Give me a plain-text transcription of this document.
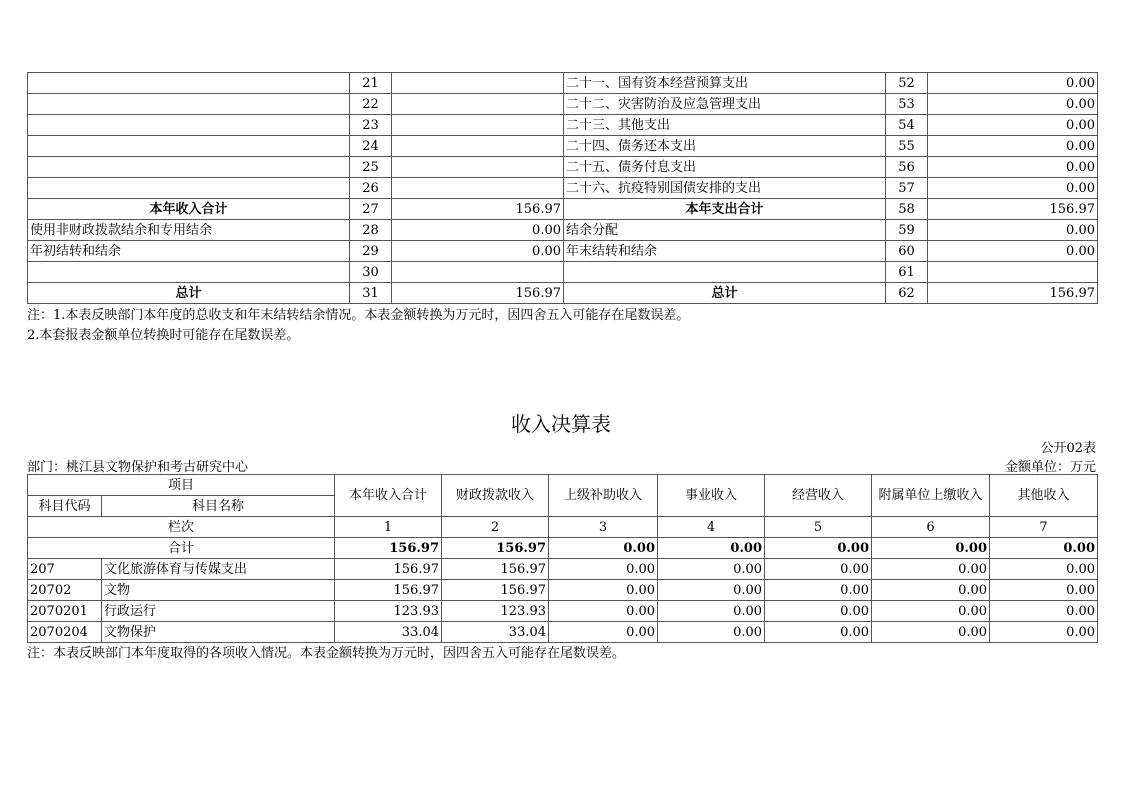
	21		二十一、国有资本经营预算支出	52	0.00
	22		二十二、灾害防治及应急管理支出	53	0.00
	23		二十三、其他支出	54	0.00
	24		二十四、债务还本支出	55	0.00
	25		二十五、债务付息支出	56	0.00
	26		二十六、抗疫特别国债安排的支出	57	0.00
本年收入合计	27	156.97	本年支出合计	58	156.97
使用非财政拨款结余和专用结余	28	0.00	结余分配	59	0.00
年初结转和结余	29	0.00	年末结转和结余	60	0.00
	30			61	
总计	31	156.97	总计	62	156.97
注：1.本表反映部门本年度的总收支和年末结转结余情况。本表金额转换为万元时，因四舍五入可能存在尾数误差。
2.本套报表金额单位转换时可能存在尾数误差。
收入决算表
公开02表
部门：桃江县文物保护和考古研究中心	金额单位：万元
项目		本年收入合计	财政拨款收入	上级补助收入	事业收入	经营收入	附属单位上缴收入	其他收入
科目代码	科目名称							
栏次		1	2	3	4	5	6	7
合计		156.97	156.97	0.00	0.00	0.00	0.00	0.00
207	文化旅游体育与传媒支出	156.97	156.97	0.00	0.00	0.00	0.00	0.00
20702	文物	156.97	156.97	0.00	0.00	0.00	0.00	0.00
2070201	行政运行	123.93	123.93	0.00	0.00	0.00	0.00	0.00
2070204	文物保护	33.04	33.04	0.00	0.00	0.00	0.00	0.00
注：本表反映部门本年度取得的各项收入情况。本表金额转换为万元时，因四舍五入可能存在尾数误差。
